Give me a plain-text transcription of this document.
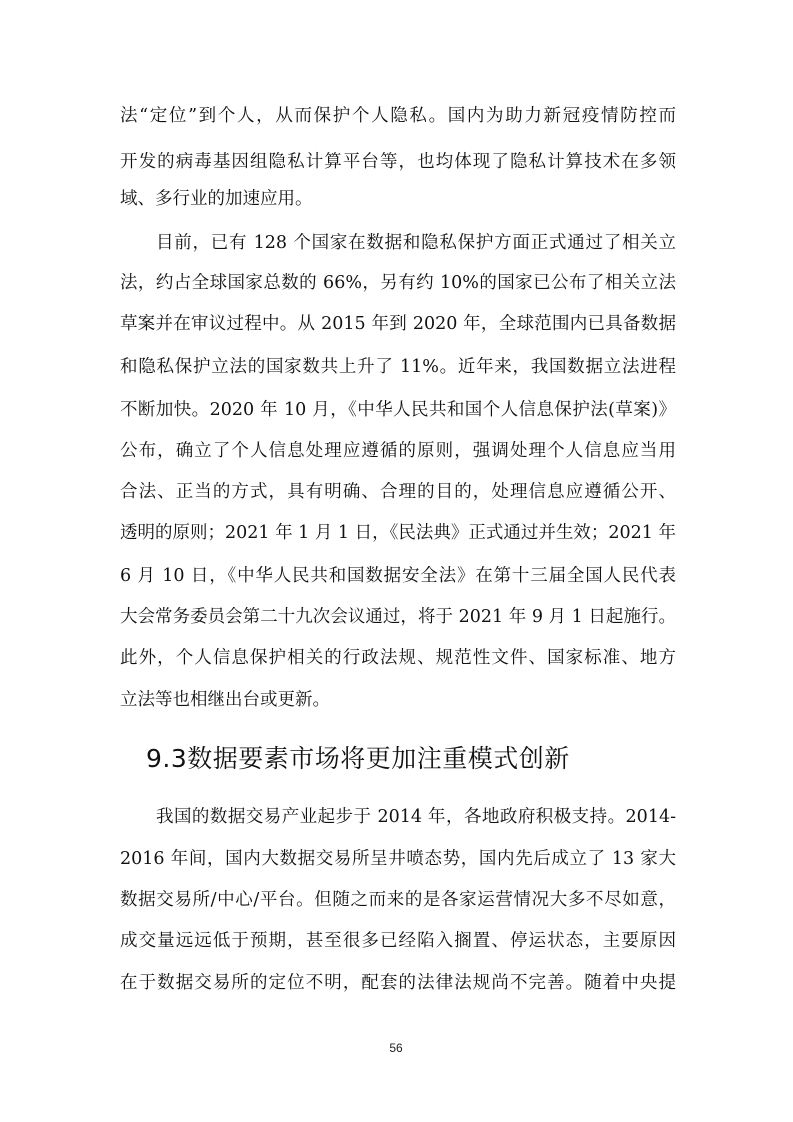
法“定位”到个人，从而保护个人隐私。国内为助力新冠疫情防控而
开发的病毒基因组隐私计算平台等，也均体现了隐私计算技术在多领
域、多行业的加速应用。
目前，已有 128 个国家在数据和隐私保护方面正式通过了相关立
法，约占全球国家总数的 66%，另有约 10%的国家已公布了相关立法
草案并在审议过程中。从 2015 年到 2020 年，全球范围内已具备数据
和隐私保护立法的国家数共上升了 11%。近年来，我国数据立法进程
不断加快。2020 年 10 月，《中华人民共和国个人信息保护法(草案)》
公布，确立了个人信息处理应遵循的原则，强调处理个人信息应当用
合法、正当的方式，具有明确、合理的目的，处理信息应遵循公开、
透明的原则；2021 年 1 月 1 日，《民法典》正式通过并生效；2021 年
6 月 10 日，《中华人民共和国数据安全法》在第十三届全国人民代表
大会常务委员会第二十九次会议通过，将于 2021 年 9 月 1 日起施行。
此外，个人信息保护相关的行政法规、规范性文件、国家标准、地方
立法等也相继出台或更新。
9.3数据要素市场将更加注重模式创新
我国的数据交易产业起步于 2014 年，各地政府积极支持。2014-
2016 年间，国内大数据交易所呈井喷态势，国内先后成立了 13 家大
数据交易所/中心/平台。但随之而来的是各家运营情况大多不尽如意，
成交量远远低于预期，甚至很多已经陷入搁置、停运状态，主要原因
在于数据交易所的定位不明，配套的法律法规尚不完善。随着中央提
56
